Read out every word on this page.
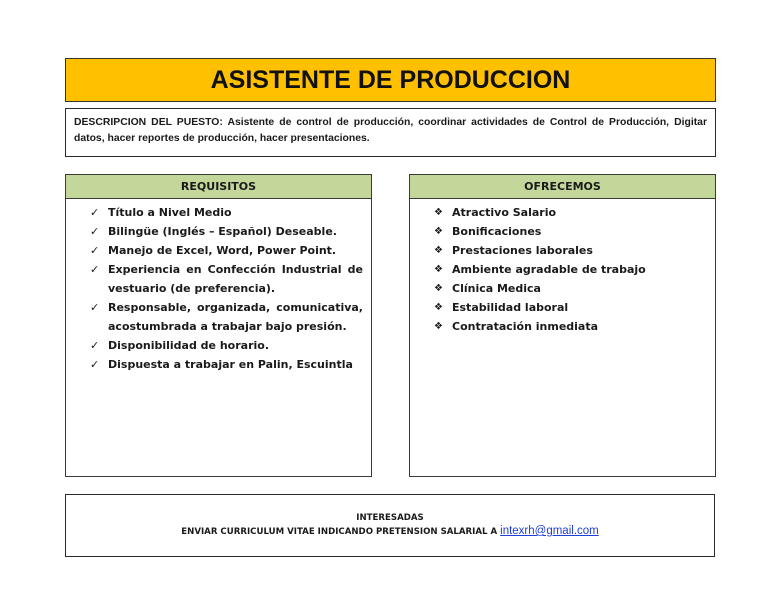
ASISTENTE DE PRODUCCION

DESCRIPCION DEL PUESTO: Asistente de control de producción, coordinar actividades de Control de Producción, Digitar datos, hacer reportes de producción, hacer presentaciones.

REQUISITOS
✓ Título a Nivel Medio
✓ Bilingüe (Inglés – Español) Deseable.
✓ Manejo de Excel, Word, Power Point.
✓ Experiencia en Confección Industrial de
vestuario (de preferencia).
✓ Responsable, organizada, comunicativa,
acostumbrada a trabajar bajo presión.
✓ Disponibilidad de horario.
✓ Dispuesta a trabajar en Palin, Escuintla
OFRECEMOS
❖ Atractivo Salario
❖ Bonificaciones
❖ Prestaciones laborales
❖ Ambiente agradable de trabajo
❖ Clínica Medica
❖ Estabilidad laboral
❖ Contratación inmediata
INTERESADAS
ENVIAR CURRICULUM VITAE INDICANDO PRETENSION SALARIAL A intexrh@gmail.com
